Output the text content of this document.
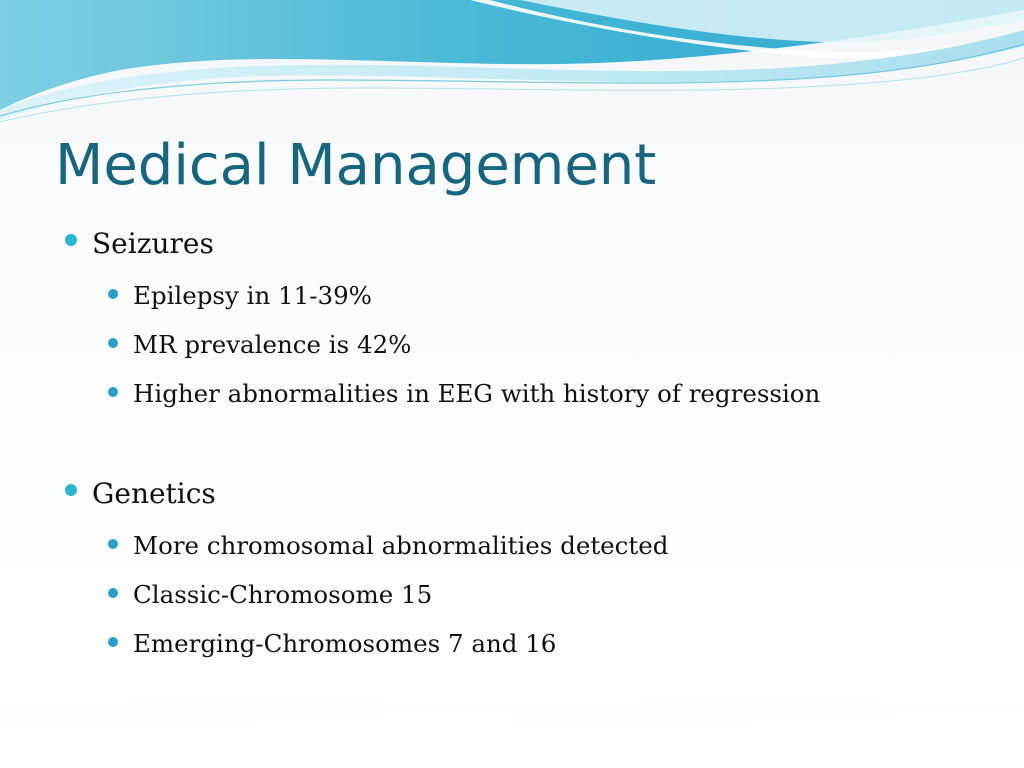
Medical Management
Seizures
Epilepsy in 11-39%
MR prevalence is 42%
Higher abnormalities in EEG with history of regression
Genetics
More chromosomal abnormalities detected
Classic-Chromosome 15
Emerging-Chromosomes 7 and 16
